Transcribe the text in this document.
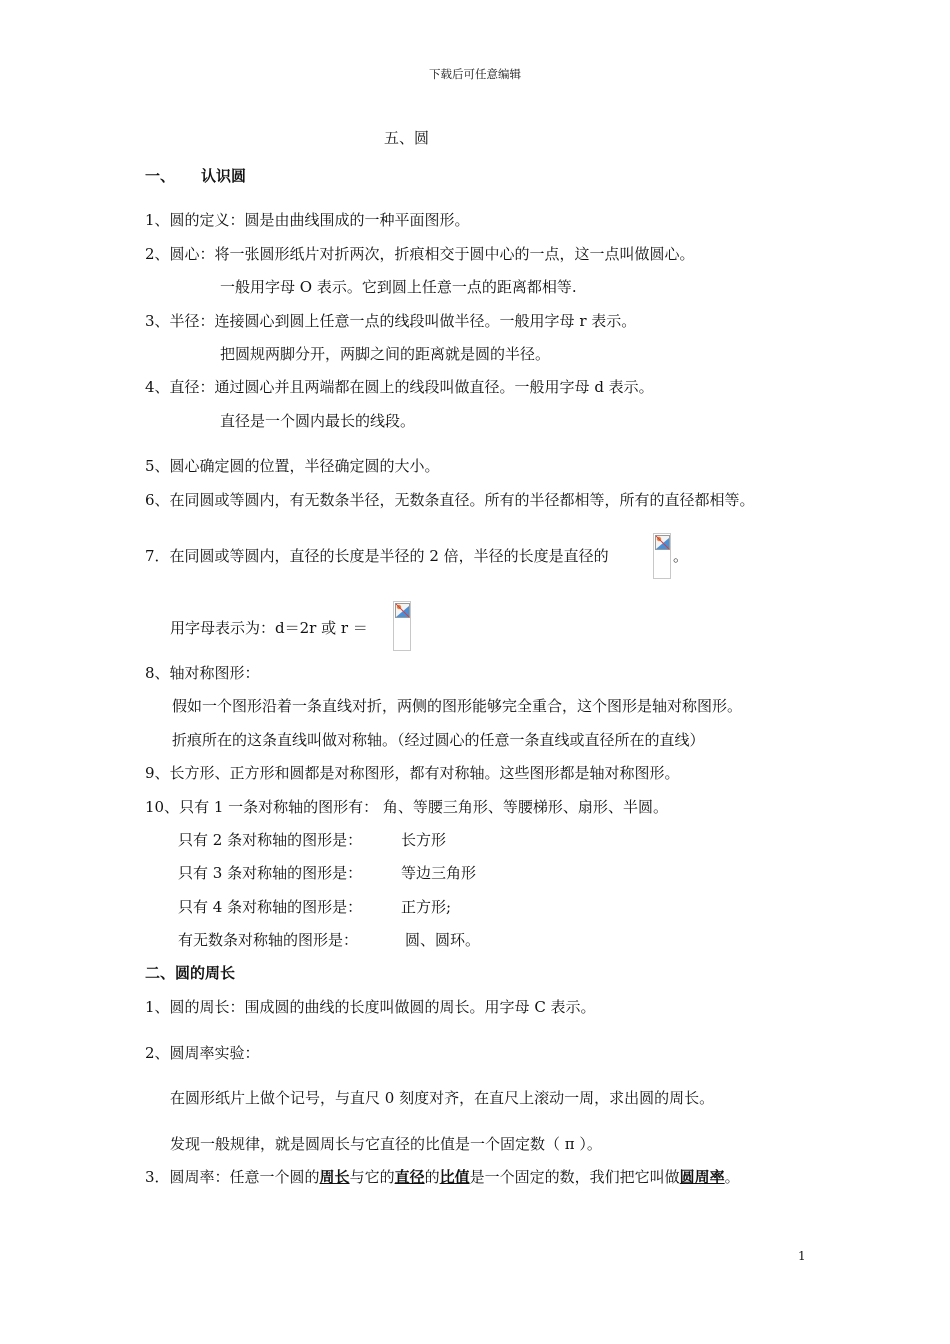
下载后可任意编辑
五、圆
一、 认识圆
1、圆的定义：圆是由曲线围成的一种平面图形。
2、圆心：将一张圆形纸片对折两次，折痕相交于圆中心的一点，这一点叫做圆心。
一般用字母 O 表示。它到圆上任意一点的距离都相等.
3、半径：连接圆心到圆上任意一点的线段叫做半径。一般用字母 r 表示。
把圆规两脚分开，两脚之间的距离就是圆的半径。
4、直径：通过圆心并且两端都在圆上的线段叫做直径。一般用字母 d 表示。
直径是一个圆内最长的线段。
5、圆心确定圆的位置，半径确定圆的大小。
6、在同圆或等圆内，有无数条半径，无数条直径。所有的半径都相等，所有的直径都相等。
7．在同圆或等圆内，直径的长度是半径的 2 倍，半径的长度是直径的	。
用字母表示为：d＝2r 或 r ＝
8、轴对称图形：
假如一个图形沿着一条直线对折，两侧的图形能够完全重合，这个图形是轴对称图形。
折痕所在的这条直线叫做对称轴。（经过圆心的任意一条直线或直径所在的直线）
9、长方形、正方形和圆都是对称图形，都有对称轴。这些图形都是轴对称图形。
10、只有 1 一条对称轴的图形有： 角、等腰三角形、等腰梯形、扇形、半圆。
只有 2 条对称轴的图形是：	长方形
只有 3 条对称轴的图形是：	等边三角形
只有 4 条对称轴的图形是：	正方形;
有无数条对称轴的图形是：	圆、圆环。
二、圆的周长
1、圆的周长：围成圆的曲线的长度叫做圆的周长。用字母 C 表示。
2、圆周率实验：
在圆形纸片上做个记号，与直尺 0 刻度对齐，在直尺上滚动一周，求出圆的周长。
发现一般规律，就是圆周长与它直径的比值是一个固定数（ π ）。
3．圆周率：任意一个圆的周长与它的直径的比值是一个固定的数，我们把它叫做圆周率。
1
